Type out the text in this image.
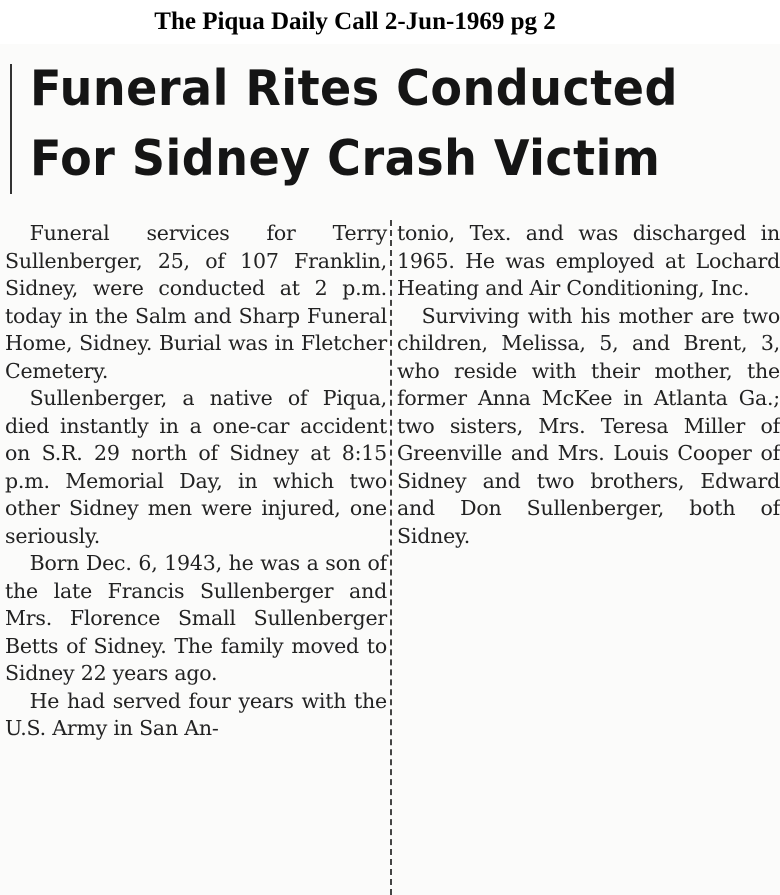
The Piqua Daily Call 2-Jun-1969 pg 2
Funeral Rites Conducted For Sidney Crash Victim

Funeral services for Terry Sullenberger, 25, of 107 Franklin, Sidney, were conducted at 2 p.m. today in the Salm and Sharp Funeral Home, Sidney. Burial was in Fletcher Cemetery.

Sullenberger, a native of Piqua, died instantly in a one-car accident on S.R. 29 north of Sidney at 8:15 p.m. Memorial Day, in which two other Sidney men were injured, one seriously.

Born Dec. 6, 1943, he was a son of the late Francis Sullenberger and Mrs. Florence Small Sullenberger Betts of Sidney. The family moved to Sidney 22 years ago.

He had served four years with the U.S. Army in San An-

tonio, Tex. and was discharged in 1965. He was employed at Lochard Heating and Air Conditioning, Inc.

Surviving with his mother are two children, Melissa, 5, and Brent, 3, who reside with their mother, the former Anna McKee in Atlanta Ga.; two sisters, Mrs. Teresa Miller of Greenville and Mrs. Louis Cooper of Sidney and two brothers, Edward and Don Sullenberger, both of Sidney.
